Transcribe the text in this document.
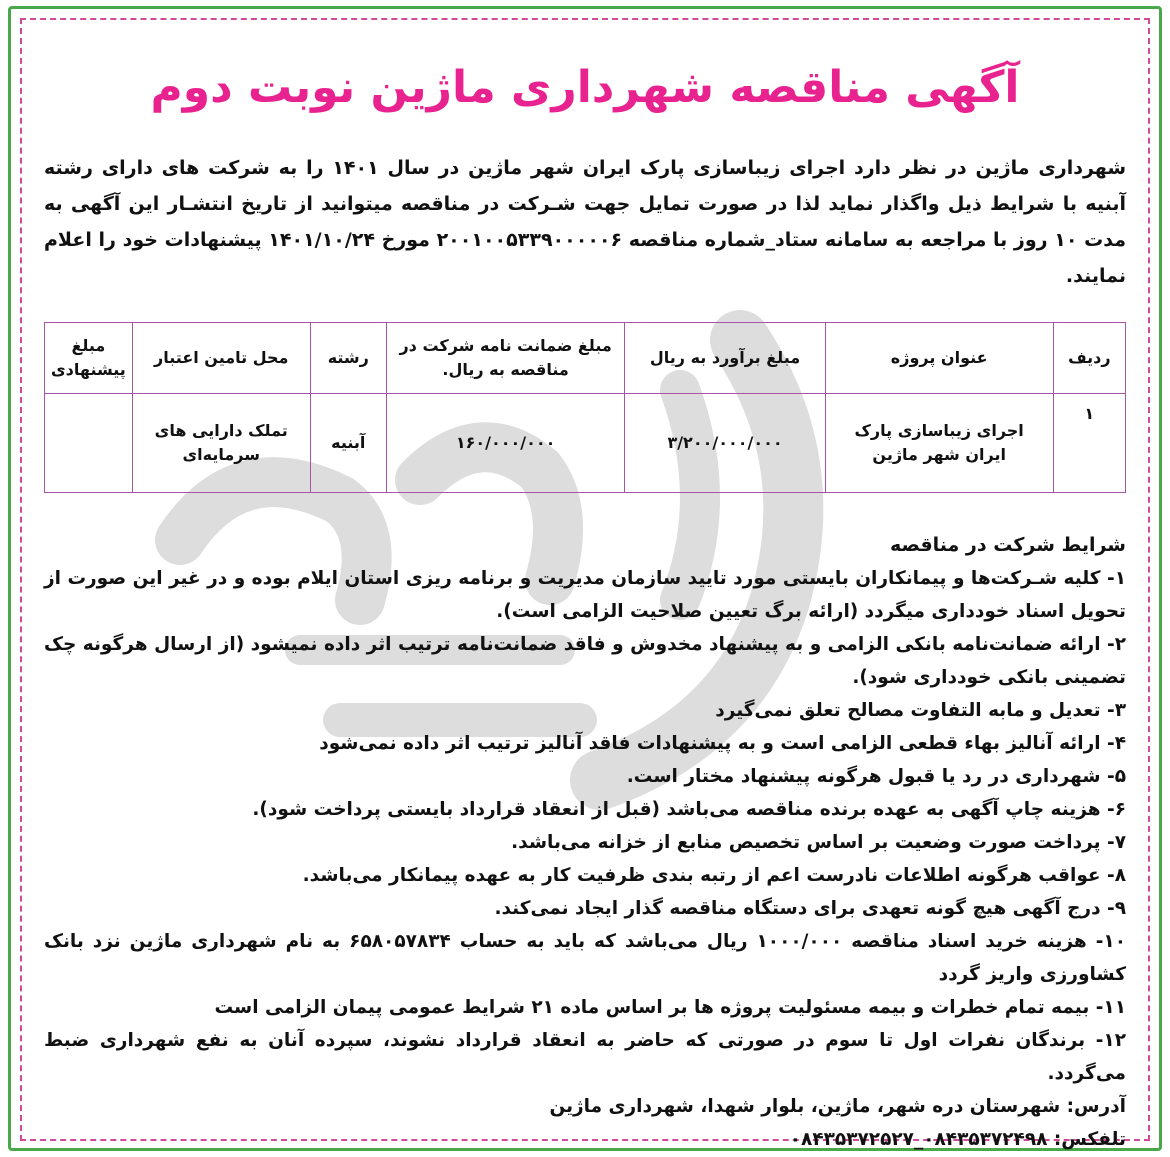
آگهی مناقصه شهرداری ماژین نوبت دوم
شهرداری ماژین در نظر دارد اجرای زیباسازی پارک ایران شهر ماژین در سال ۱۴۰۱ را به شرکت های دارای رشته آبنیه با شرایط ذیل واگذار نماید لذا در صورت تمایل جهت شـرکت در مناقصه میتوانید از تاریخ انتشـار این آگهی به مدت ۱۰ روز با مراجعه به سامانه ستاد_شماره مناقصه ۲۰۰۱۰۰۵۳۳۹۰۰۰۰۰۶ مورخ ۱۴۰۱/۱۰/۲۴ پیشنهادات خود را اعلام نمایند.
ردیف	عنوان پروژه	مبلغ برآورد به ریال	مبلغ ضمانت نامه شرکت در مناقصه به ریال.	رشته	محل تامین اعتبار	مبلغ پیشنهادی
۱	اجرای زیباسازی پارک ایران شهر ماژین	۳/۲۰۰/۰۰۰/۰۰۰	۱۶۰/۰۰۰/۰۰۰	آبنیه	تملک دارایی های سرمایه‌ای	
شرایط شرکت در مناقصه
۱- کلیه شـرکت‌ها و پیمانکاران بایستی مورد تایید سازمان مدیریت و برنامه ریزی استان ایلام بوده و در غیر این صورت از تحویل اسناد خودداری میگردد (ارائه برگ تعیین صلاحیت الزامی است).
۲- ارائه ضمانت‌نامه بانکی الزامی و به پیشنهاد مخدوش و فاقد ضمانت‌نامه ترتیب اثر داده نمیشود (از ارسال هرگونه چک تضمینی بانکی خودداری شود).
۳- تعدیل و مابه التفاوت مصالح تعلق نمی‌گیرد
۴- ارائه آنالیز بهاء قطعی الزامی است و به پیشنهادات فاقد آنالیز ترتیب اثر داده نمی‌شود
۵- شهرداری در رد یا قبول هرگونه پیشنهاد مختار است.
۶- هزینه چاپ آگهی به عهده برنده مناقصه می‌باشد (قبل از انعقاد قرارداد بایستی پرداخت شود).
۷- پرداخت صورت وضعیت بر اساس تخصیص منابع از خزانه می‌باشد.
۸- عواقب هرگونه اطلاعات نادرست اعم از رتبه بندی ظرفیت کار به عهده پیمانکار می‌باشد.
۹- درج آگهی هیچ گونه تعهدی برای دستگاه مناقصه گذار ایجاد نمی‌کند.
۱۰- هزینه خرید اسناد مناقصه ۱۰۰۰/۰۰۰ ریال می‌باشد که باید به حساب ۶۵۸۰۵۷۸۳۴ به نام شهرداری ماژین نزد بانک کشاورزی واریز گردد
۱۱- بیمه تمام خطرات و بیمه مسئولیت پروژه ها بر اساس ماده ۲۱ شرایط عمومی پیمان الزامی است
۱۲- برندگان نفرات اول تا سوم در صورتی که حاضر به انعقاد قرارداد نشوند، سپرده آنان به نفع شهرداری ضبط می‌گردد.
آدرس: شهرستان دره شهر، ماژین، بلوار شهدا، شهرداری ماژین
تلفکس: ۰۸۴۳۵۳۷۲۴۹۸_۰۸۴۳۵۳۷۲۵۲۷
